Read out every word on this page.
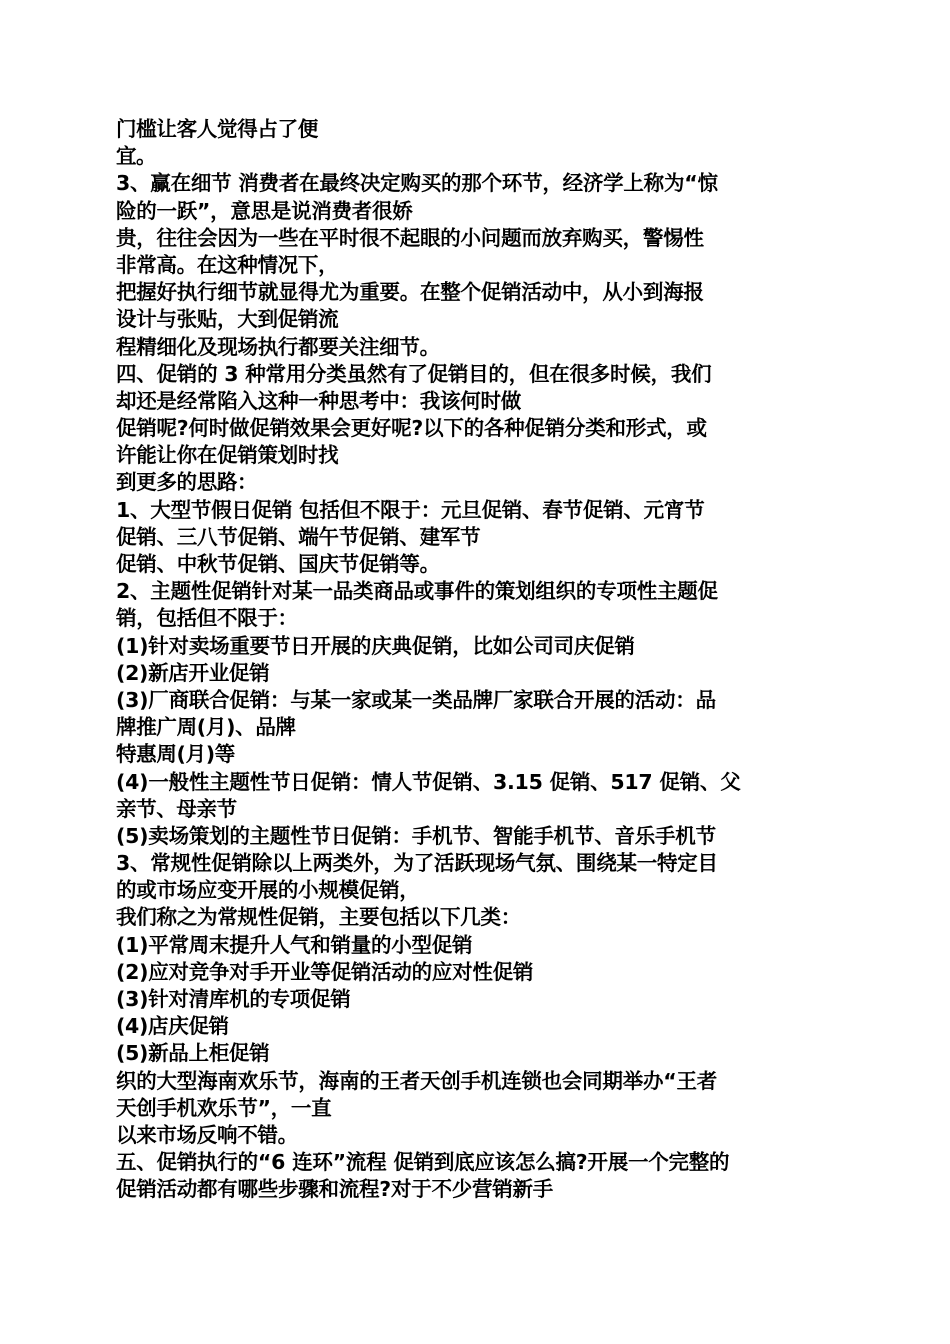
门槛让客人觉得占了便
宜。
3、赢在细节 消费者在最终决定购买的那个环节，经济学上称为“惊
险的一跃”，意思是说消费者很娇
贵，往往会因为一些在平时很不起眼的小问题而放弃购买，警惕性
非常高。在这种情况下，
把握好执行细节就显得尤为重要。在整个促销活动中，从小到海报
设计与张贴，大到促销流
程精细化及现场执行都要关注细节。
四、促销的 3 种常用分类虽然有了促销目的，但在很多时候，我们
却还是经常陷入这种一种思考中：我该何时做
促销呢?何时做促销效果会更好呢?以下的各种促销分类和形式，或
许能让你在促销策划时找
到更多的思路：
1、大型节假日促销 包括但不限于：元旦促销、春节促销、元宵节
促销、三八节促销、端午节促销、建军节
促销、中秋节促销、国庆节促销等。
2、主题性促销针对某一品类商品或事件的策划组织的专项性主题促
销，包括但不限于：
(1)针对卖场重要节日开展的庆典促销，比如公司司庆促销
(2)新店开业促销
(3)厂商联合促销：与某一家或某一类品牌厂家联合开展的活动：品
牌推广周(月)、品牌
特惠周(月)等
(4)一般性主题性节日促销：情人节促销、3.15 促销、517 促销、父
亲节、母亲节
(5)卖场策划的主题性节日促销：手机节、智能手机节、音乐手机节
3、常规性促销除以上两类外，为了活跃现场气氛、围绕某一特定目
的或市场应变开展的小规模促销，
我们称之为常规性促销，主要包括以下几类：
(1)平常周末提升人气和销量的小型促销
(2)应对竞争对手开业等促销活动的应对性促销
(3)针对清库机的专项促销
(4)店庆促销
(5)新品上柜促销
织的大型海南欢乐节，海南的王者天创手机连锁也会同期举办“王者
天创手机欢乐节”，一直
以来市场反响不错。
五、促销执行的“6 连环”流程 促销到底应该怎么搞?开展一个完整的
促销活动都有哪些步骤和流程?对于不少营销新手
